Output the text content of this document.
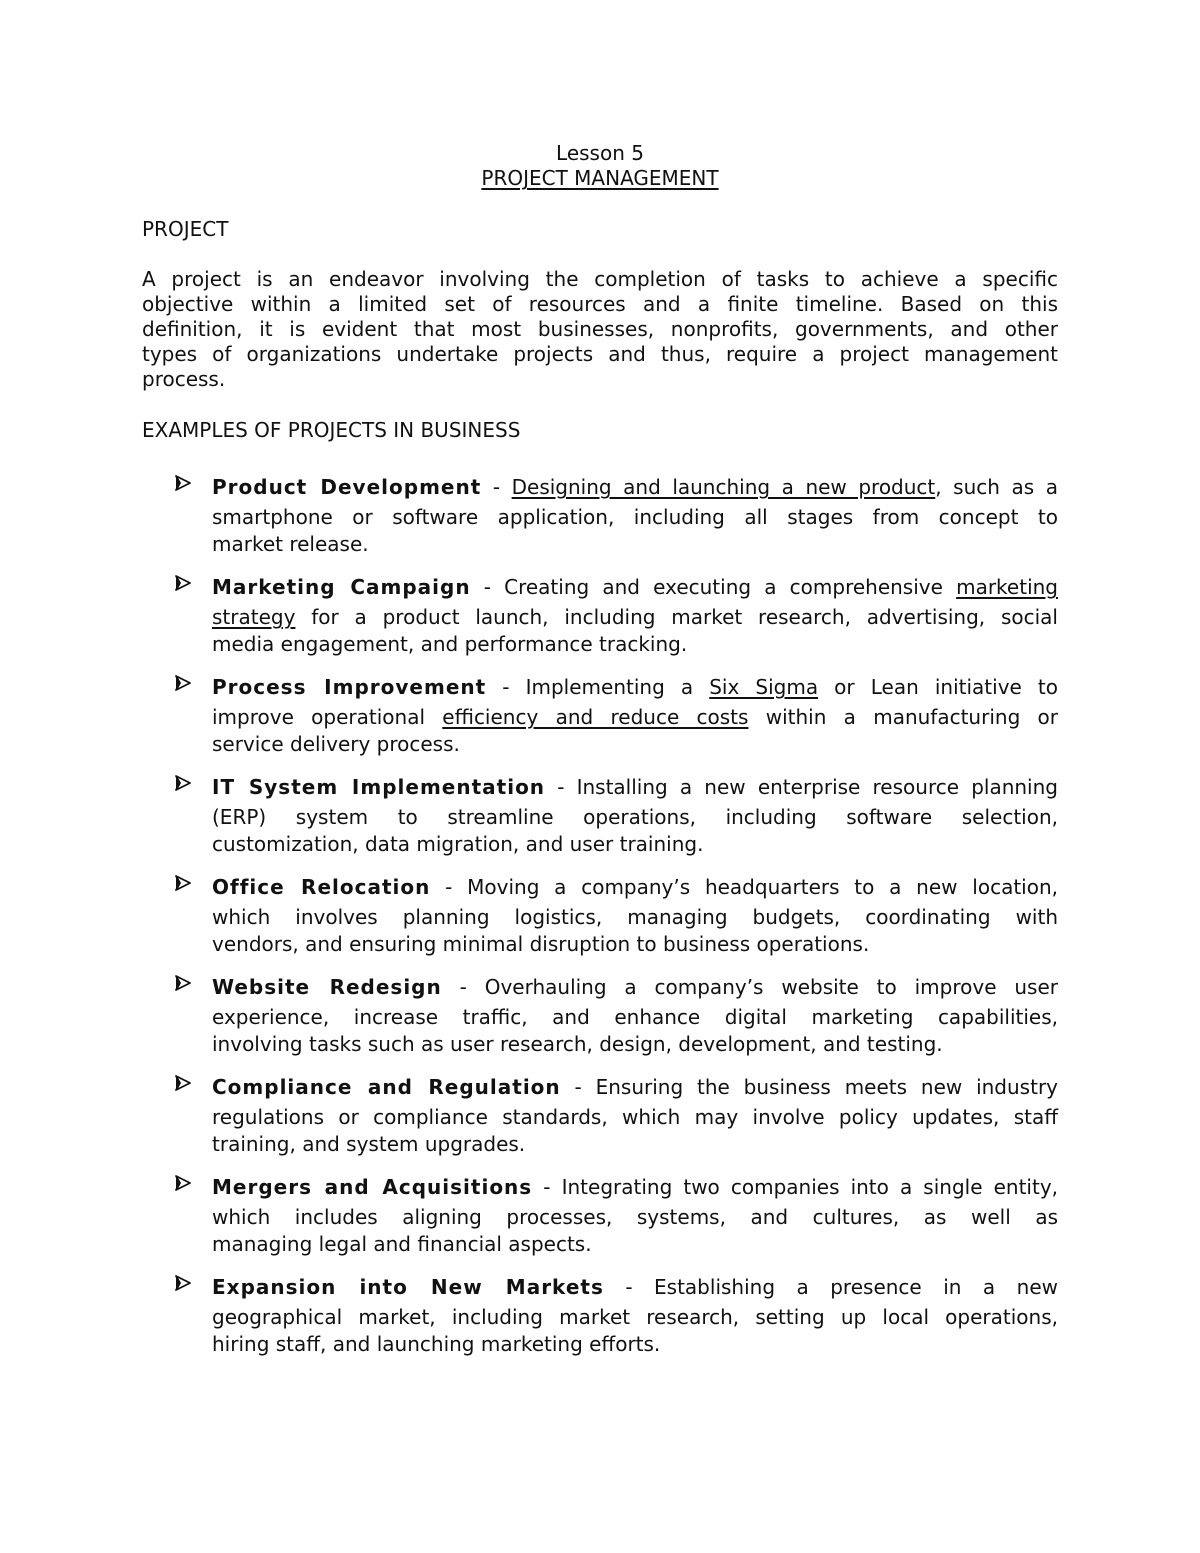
Lesson 5
PROJECT MANAGEMENT
PROJECT
A project is an endeavor involving the completion of tasks to achieve a specific
objective within a limited set of resources and a finite timeline. Based on this
definition, it is evident that most businesses, nonprofits, governments, and other
types of organizations undertake projects and thus, require a project management
process.
EXAMPLES OF PROJECTS IN BUSINESS
Product Development - Designing and launching a new product, such as a
smartphone or software application, including all stages from concept to
market release.
Marketing Campaign - Creating and executing a comprehensive marketing
strategy for a product launch, including market research, advertising, social
media engagement, and performance tracking.
Process Improvement - Implementing a Six Sigma or Lean initiative to
improve operational efficiency and reduce costs within a manufacturing or
service delivery process.
IT System Implementation - Installing a new enterprise resource planning
(ERP) system to streamline operations, including software selection,
customization, data migration, and user training.
Office Relocation - Moving a company’s headquarters to a new location,
which involves planning logistics, managing budgets, coordinating with
vendors, and ensuring minimal disruption to business operations.
Website Redesign - Overhauling a company’s website to improve user
experience, increase traffic, and enhance digital marketing capabilities,
involving tasks such as user research, design, development, and testing.
Compliance and Regulation - Ensuring the business meets new industry
regulations or compliance standards, which may involve policy updates, staff
training, and system upgrades.
Mergers and Acquisitions - Integrating two companies into a single entity,
which includes aligning processes, systems, and cultures, as well as
managing legal and financial aspects.
Expansion into New Markets - Establishing a presence in a new
geographical market, including market research, setting up local operations,
hiring staff, and launching marketing efforts.
